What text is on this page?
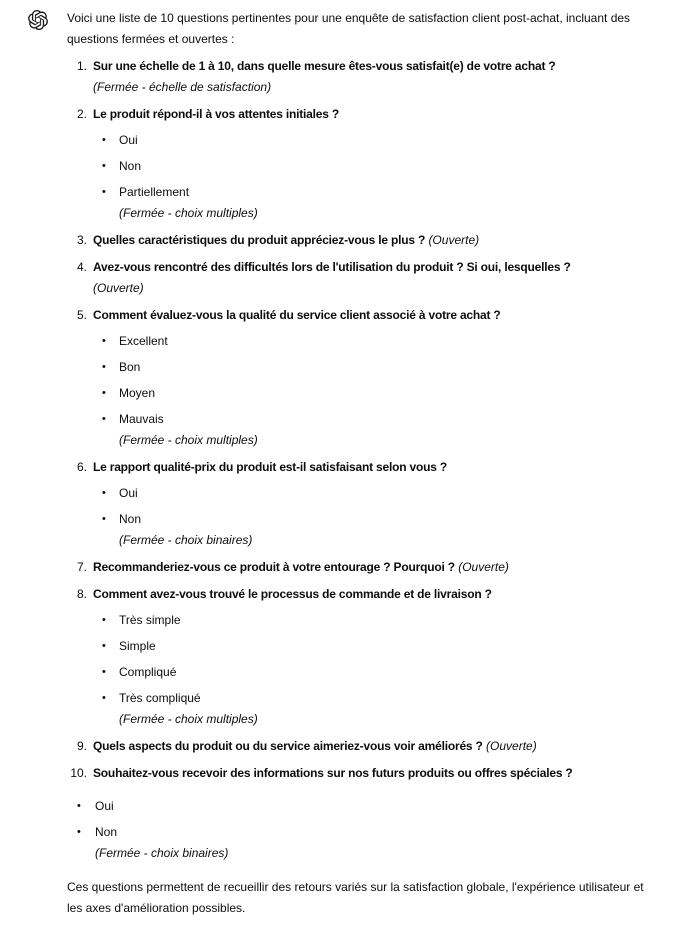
Voici une liste de 10 questions pertinentes pour une enquête de satisfaction client post-achat, incluant des questions fermées et ouvertes :

1. Sur une échelle de 1 à 10, dans quelle mesure êtes-vous satisfait(e) de votre achat ?

(Fermée - échelle de satisfaction)

2. Le produit répond-il à vos attentes initiales ?

•	Oui
•	Non
•	Partiellement

(Fermée - choix multiples)

3. Quelles caractéristiques du produit appréciez-vous le plus ? (Ouverte)

4. Avez-vous rencontré des difficultés lors de l'utilisation du produit ? Si oui, lesquelles ?

(Ouverte)

5. Comment évaluez-vous la qualité du service client associé à votre achat ?

•	Excellent
•	Bon
•	Moyen
•	Mauvais

(Fermée - choix multiples)

6. Le rapport qualité-prix du produit est-il satisfaisant selon vous ?

•	Oui
•	Non

(Fermée - choix binaires)

7. Recommanderiez-vous ce produit à votre entourage ? Pourquoi ? (Ouverte)

8. Comment avez-vous trouvé le processus de commande et de livraison ?

•	Très simple
•	Simple
•	Compliqué
•	Très compliqué

(Fermée - choix multiples)

9. Quels aspects du produit ou du service aimeriez-vous voir améliorés ? (Ouverte)

10. Souhaitez-vous recevoir des informations sur nos futurs produits ou offres spéciales ?

•	Oui
•	Non

(Fermée - choix binaires)

Ces questions permettent de recueillir des retours variés sur la satisfaction globale, l'expérience utilisateur et les axes d'amélioration possibles.
